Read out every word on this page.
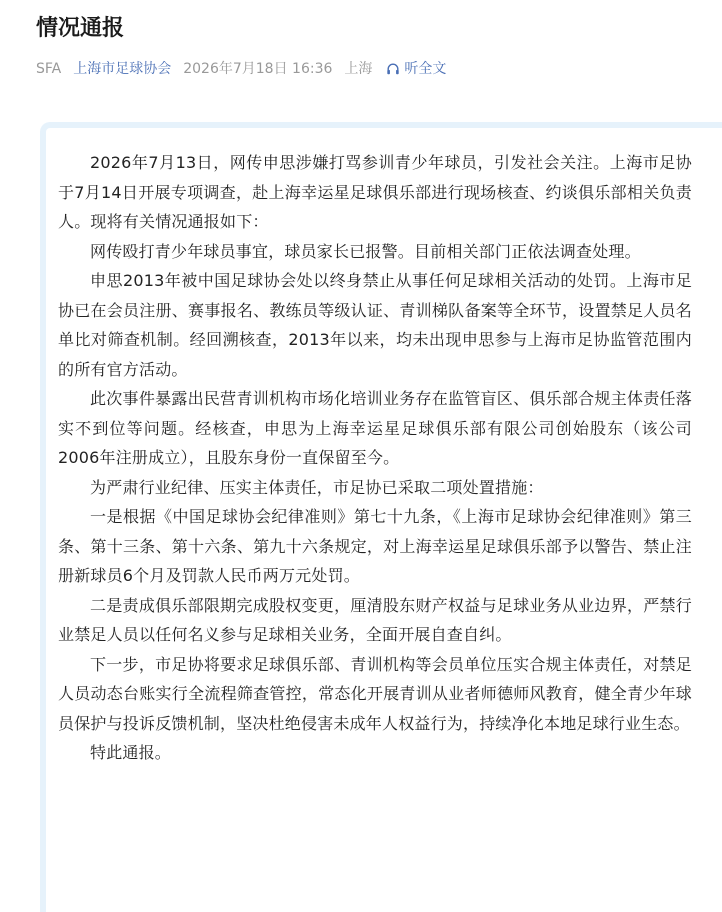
情况通报
SFA 上海市足球协会 2026年7月18日 16:36 上海 听全文

2026年7月13日，网传申思涉嫌打骂参训青少年球员，引发社会关注。上海市足协于7月14日开展专项调查，赴上海幸运星足球俱乐部进行现场核查、约谈俱乐部相关负责人。现将有关情况通报如下：

网传殴打青少年球员事宜，球员家长已报警。目前相关部门正依法调查处理。

申思2013年被中国足球协会处以终身禁止从事任何足球相关活动的处罚。上海市足协已在会员注册、赛事报名、教练员等级认证、青训梯队备案等全环节，设置禁足人员名单比对筛查机制。经回溯核查，2013年以来，均未出现申思参与上海市足协监管范围内的所有官方活动。

此次事件暴露出民营青训机构市场化培训业务存在监管盲区、俱乐部合规主体责任落实不到位等问题。经核查，申思为上海幸运星足球俱乐部有限公司创始股东（该公司2006年注册成立），且股东身份一直保留至今。

为严肃行业纪律、压实主体责任，市足协已采取二项处置措施：

一是根据《中国足球协会纪律准则》第七十九条，《上海市足球协会纪律准则》第三条、第十三条、第十六条、第九十六条规定，对上海幸运星足球俱乐部予以警告、禁止注册新球员6个月及罚款人民币两万元处罚。

二是责成俱乐部限期完成股权变更，厘清股东财产权益与足球业务从业边界，严禁行业禁足人员以任何名义参与足球相关业务，全面开展自查自纠。

下一步，市足协将要求足球俱乐部、青训机构等会员单位压实合规主体责任，对禁足人员动态台账实行全流程筛查管控，常态化开展青训从业者师德师风教育，健全青少年球员保护与投诉反馈机制，坚决杜绝侵害未成年人权益行为，持续净化本地足球行业生态。

特此通报。
